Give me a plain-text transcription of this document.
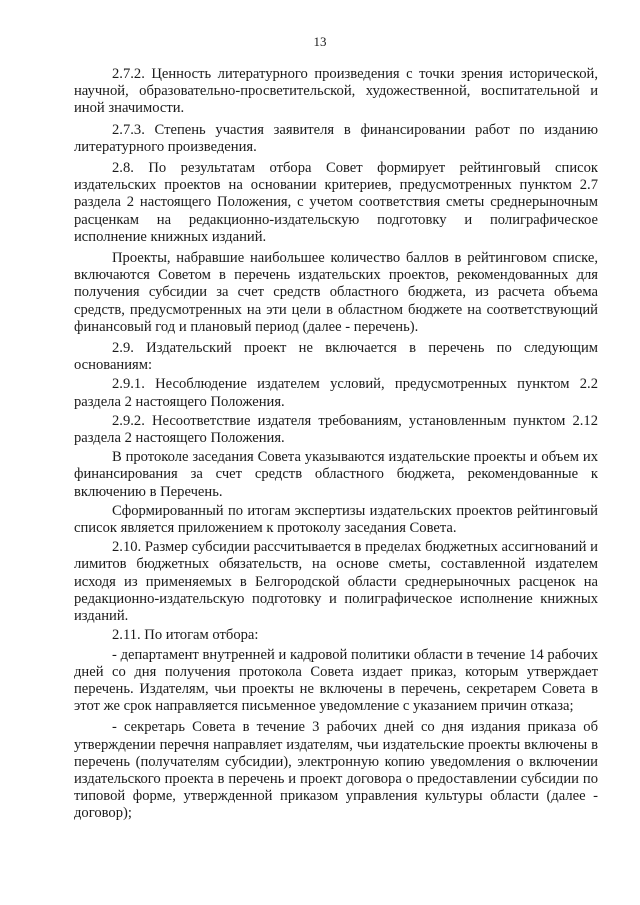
13

2.7.2. Ценность литературного произведения с точки зрения исторической, научной, образовательно-просветительской, художественной, воспитательной и иной значимости.

2.7.3. Степень участия заявителя в финансировании работ по изданию литературного произведения.

2.8. По результатам отбора Совет формирует рейтинговый список издательских проектов на основании критериев, предусмотренных пунктом 2.7 раздела 2 настоящего Положения, с учетом соответствия сметы среднерыночным расценкам на редакционно-издательскую подготовку и полиграфическое исполнение книжных изданий.

Проекты, набравшие наибольшее количество баллов в рейтинговом списке, включаются Советом в перечень издательских проектов, рекомендованных для получения субсидии за счет средств областного бюджета, из расчета объема средств, предусмотренных на эти цели в областном бюджете на соответствующий финансовый год и плановый период (далее - перечень).

2.9. Издательский проект не включается в перечень по следующим основаниям:

2.9.1. Несоблюдение издателем условий, предусмотренных пунктом 2.2 раздела 2 настоящего Положения.

2.9.2. Несоответствие издателя требованиям, установленным пунктом 2.12 раздела 2 настоящего Положения.

В протоколе заседания Совета указываются издательские проекты и объем их финансирования за счет средств областного бюджета, рекомендованные к включению в Перечень.

Сформированный по итогам экспертизы издательских проектов рейтинговый список является приложением к протоколу заседания Совета.

2.10. Размер субсидии рассчитывается в пределах бюджетных ассигнований и лимитов бюджетных обязательств, на основе сметы, составленной издателем исходя из применяемых в Белгородской области среднерыночных расценок на редакционно-издательскую подготовку и полиграфическое исполнение книжных изданий.

2.11. По итогам отбора:

- департамент внутренней и кадровой политики области в течение 14 рабочих дней со дня получения протокола Совета издает приказ, которым утверждает перечень. Издателям, чьи проекты не включены в перечень, секретарем Совета в этот же срок направляется письменное уведомление с указанием причин отказа;

- секретарь Совета в течение 3 рабочих дней со дня издания приказа об утверждении перечня направляет издателям, чьи издательские проекты включены в перечень (получателям субсидии), электронную копию уведомления о включении издательского проекта в перечень и проект договора о предоставлении субсидии по типовой форме, утвержденной приказом управления культуры области (далее - договор);
